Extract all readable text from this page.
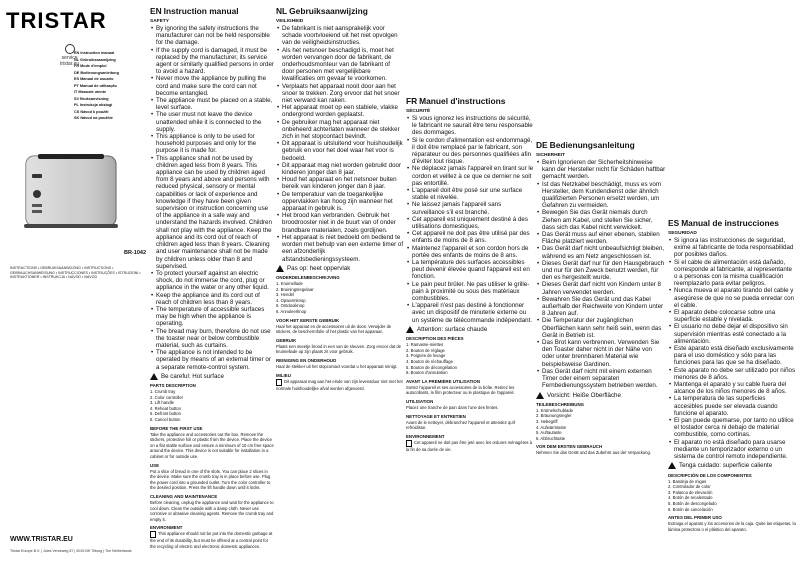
TRISTAR
service
tristar.eu
EN Instruction manual
NL Gebruiksaanwijzing
FR Mode d'emploi
DE Bedienungsanleitung
ES Manual de usuario
PT Manual de utilização
IT Manuale utente
SV Bruksanvisning
PL Instrukcja obsługi
CS Návod k použití
SK Návod na použitie
BR-1042
INSTRUCTIONS • GEBRUIKSAANWIJZING • INSTRUCTIONS • GEBRAUCHSANWEISUNG • INSTRUCCIONES • INSTRUÇÕES • ISTRUZIONI • INSTRUKTIONER • INSTRUKCJA • NÁVOD • NÁVOD
WWW.TRISTAR.EU
Tristar Europe B.V. | Jules Verneweg 87 | 5015 BH Tilburg | The Netherlands
EN Instruction manual
SAFETY
• By ignoring the safety instructions the manufacturer can not be held responsible for the damage.
• If the supply cord is damaged, it must be replaced by the manufacturer, its service agent or similarly qualified persons in order to avoid a hazard.
• Never move the appliance by pulling the cord and make sure the cord can not become entangled.
• The appliance must be placed on a stable, level surface.
• The user must not leave the device unattended while it is connected to the supply.
• This appliance is only to be used for household purposes and only for the purpose it is made for.
• This appliance shall not be used by children aged less from 8 years. This appliance can be used by children aged from 8 years and above and persons with reduced physical, sensory or mental capabilities or lack of experience and knowledge if they have been given supervision or instruction concerning use of the appliance in a safe way and understand the hazards involved. Children shall not play with the appliance. Keep the appliance and its cord out of reach of children aged less than 8 years. Cleaning and user maintenance shall not be made by children unless older than 8 and supervised.
• To protect yourself against an electric shock, do not immerse the cord, plug or appliance in the water or any other liquid.
• Keep the appliance and its cord out of reach of children less than 8 years.
• The temperature of accessible surfaces may be high when the appliance is operating.
• The bread may burn, therefore do not use the toaster near or below combustible material, such as curtains.
• The appliance is not intended to be operated by means of an external timer or a separate remote-control system.
Be careful: Hot surface
PARTS DESCRIPTION
1. Crumb tray
2. Color controller
3. Lift handle
4. Reheat button
5. Defrost button
6. Cancel button
BEFORE THE FIRST USE
Take the appliance and accessories out the box. Remove the stickers, protective foil or plastic from the device. Place the device on a flat stable surface and ensure a minimum of 10 cm free space around the device. This device is not suitable for installation in a cabinet or for outside use.
USE
Put a slice of bread in one of the slots. You can place 2 slices in the device. Make sure the crumb tray is in place before use. Plug the power cord into a grounded outlet. Turn the color controller to the desired position. Press the lift handle down until it locks.
CLEANING AND MAINTENANCE
Before cleaning, unplug the appliance and wait for the appliance to cool down. Clean the outside with a damp cloth. Never use corrosive or abrasive cleaning agents. Remove the crumb tray and empty it.
ENVIRONMENT
This appliance should not be put into the domestic garbage at the end of its durability, but must be offered at a central point for the recycling of electric and electronic domestic appliances.
NL Gebruiksaanwijzing
VEILIGHEID
• De fabrikant is niet aansprakelijk voor schade voortvloeiend uit het niet opvolgen van de veiligheidsinstructies.
• Als het netsnoer beschadigd is, moet het worden vervangen door de fabrikant, de onderhoudsmonteur van de fabrikant of door personen met vergelijkbare kwalificaties om gevaar te voorkomen.
• Verplaats het apparaat nooit door aan het snoer te trekken. Zorg ervoor dat het snoer niet verward kan raken.
• Het apparaat moet op een stabiele, vlakke ondergrond worden geplaatst.
• De gebruiker mag het apparaat niet onbeheerd achterlaten wanneer de stekker zich in het stopcontact bevindt.
• Dit apparaat is uitsluitend voor huishoudelijk gebruik en voor het doel waar het voor is bedoeld.
• Dit apparaat mag niet worden gebruikt door kinderen jonger dan 8 jaar.
• Houd het apparaat en het netsnoer buiten bereik van kinderen jonger dan 8 jaar.
• De temperatuur van de toegankelijke oppervlakken kan hoog zijn wanneer het apparaat in gebruik is.
• Het brood kan verbranden. Gebruik het broodrooster niet in de buurt van of onder brandbare materialen, zoals gordijnen.
• Het apparaat is niet bedoeld om bediend te worden met behulp van een externe timer of een afzonderlijk afstandsbedieningssysteem.
Pas op: heet oppervlak
ONDERDELENBESCHRIJVING
1. Kruimellade
2. Bruiningsregelaar
3. Hendel
4. Opwarmknop
5. Ontdooiknop
6. Annuleerknop
VOOR HET EERSTE GEBRUIK
Haal het apparaat en de accessoires uit de doos. Verwijder de stickers, de beschermfolie of het plastic van het apparaat.
GEBRUIK
Plaats een sneetje brood in een van de sleuven. Zorg ervoor dat de kruimellade op zijn plaats zit voor gebruik.
REINIGING EN ONDERHOUD
Haal de stekker uit het stopcontact voordat u het apparaat reinigt.
MILIEU
Dit apparaat mag aan het einde van zijn levensduur niet met het normale huishoudelijke afval worden afgevoerd.
FR Manuel d'instructions
SÉCURITÉ
• Si vous ignorez les instructions de sécurité, le fabricant ne saurait être tenu responsable des dommages.
• Si le cordon d'alimentation est endommagé, il doit être remplacé par le fabricant, son réparateur ou des personnes qualifiées afin d'éviter tout risque.
• Ne déplacez jamais l'appareil en tirant sur le cordon et veillez à ce que ce dernier ne soit pas entortillé.
• L'appareil doit être posé sur une surface stable et nivelée.
• Ne laissez jamais l'appareil sans surveillance s'il est branché.
• Cet appareil est uniquement destiné à des utilisations domestiques.
• Cet appareil ne doit pas être utilisé par des enfants de moins de 8 ans.
• Maintenez l'appareil et son cordon hors de portée des enfants de moins de 8 ans.
• La température des surfaces accessibles peut devenir élevée quand l'appareil est en fonction.
• Le pain peut brûler. Ne pas utiliser le grille-pain à proximité ou sous des matériaux combustibles.
• L'appareil n'est pas destiné à fonctionner avec un dispositif de minuterie externe ou un système de télécommande indépendant.
Attention: surface chaude
DESCRIPTION DES PIÈCES
1. Ramasse-miettes
2. Bouton de réglage
3. Poignée de levage
4. Bouton de réchauffage
5. Bouton de décongélation
6. Bouton d'annulation
AVANT LA PREMIÈRE UTILISATION
Sortez l'appareil et ses accessoires de la boîte. Retirez les autocollants, le film protecteur ou le plastique de l'appareil.
UTILISATION
Placez une tranche de pain dans l'une des fentes.
NETTOYAGE ET ENTRETIEN
Avant de le nettoyer, débranchez l'appareil et attendez qu'il refroidisse.
ENVIRONNEMENT
Cet appareil ne doit pas être jeté avec les ordures ménagères à la fin de sa durée de vie.
DE Bedienungsanleitung
SICHERHEIT
• Beim Ignorieren der Sicherheitshinweise kann der Hersteller nicht für Schäden haftbar gemacht werden.
• Ist das Netzkabel beschädigt, muss es vom Hersteller, dem Kundendienst oder ähnlich qualifizierten Personen ersetzt werden, um Gefahren zu vermeiden.
• Bewegen Sie das Gerät niemals durch Ziehen am Kabel, und stellen Sie sicher, dass sich das Kabel nicht verwickelt.
• Das Gerät muss auf einer ebenen, stabilen Fläche platziert werden.
• Das Gerät darf nicht unbeaufsichtigt bleiben, während es am Netz angeschlossen ist.
• Dieses Gerät darf nur für den Hausgebrauch und nur für den Zweck benutzt werden, für den es hergestellt wurde.
• Dieses Gerät darf nicht von Kindern unter 8 Jahren verwendet werden.
• Bewahren Sie das Gerät und das Kabel außerhalb der Reichweite von Kindern unter 8 Jahren auf.
• Die Temperatur der zugänglichen Oberflächen kann sehr heiß sein, wenn das Gerät in Betrieb ist.
• Das Brot kann verbrennen. Verwenden Sie den Toaster daher nicht in der Nähe von oder unter brennbaren Material wie beispielsweise Gardinen.
• Das Gerät darf nicht mit einem externen Timer oder einem separaten Fernbedienungssystem betrieben werden.
Vorsicht: Heiße Oberfläche
TEILEBESCHREIBUNG
1. Krümelschublade
2. Bräunungsregler
3. Hebegriff
4. Aufwärmtaste
5. Auftautaste
6. Abbruchtaste
VOR DEM ERSTEN GEBRAUCH
Nehmen Sie das Gerät und das Zubehör aus der Verpackung.
ES Manual de instrucciones
SEGURIDAD
• Si ignora las instrucciones de seguridad, exime al fabricante de toda responsabilidad por posibles daños.
• Si el cable de alimentación está dañado, corresponde al fabricante, al representante o a personas con la misma cualificación reemplazarlo para evitar peligros.
• Nunca mueva el aparato tirando del cable y asegúrese de que no se pueda enredar con el cable.
• El aparato debe colocarse sobre una superficie estable y nivelada.
• El usuario no debe dejar el dispositivo sin supervisión mientras esté conectado a la alimentación.
• Este aparato está diseñado exclusivamente para el uso doméstico y sólo para las funciones para las que se ha diseñado.
• Este aparato no debe ser utilizado por niños menores de 8 años.
• Mantenga el aparato y su cable fuera del alcance de los niños menores de 8 años.
• La temperatura de las superficies accesibles puede ser elevada cuando funcione el aparato.
• El pan puede quemarse, por tanto no utilice el tostador cerca ni debajo de material combustible, como cortinas.
• El aparato no está diseñado para usarse mediante un temporizador externo o un sistema de control remoto independiente.
Tenga cuidado: superficie caliente
DESCRIPCIÓN DE LOS COMPONENTES
1. Bandeja de migas
2. Controlador de color
3. Palanca de elevación
4. Botón de recalentado
5. Botón de descongelado
6. Botón de cancelación
ANTES DEL PRIMER USO
Extraiga el aparato y los accesorios de la caja. Quite las etiquetas, la lámina protectora o el plástico del aparato.
